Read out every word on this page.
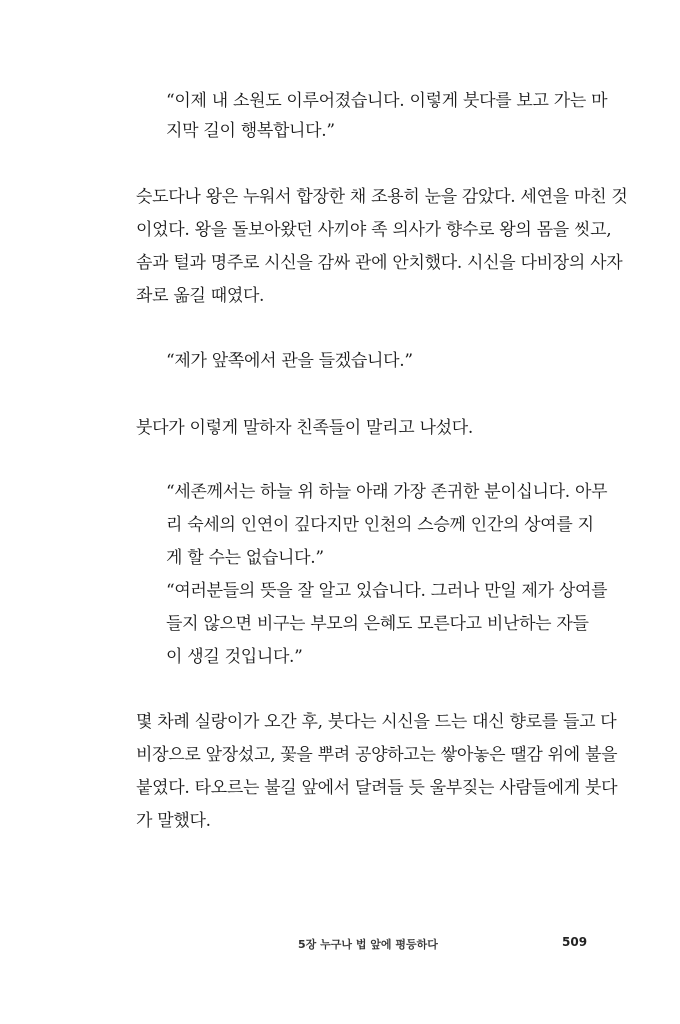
“이제 내 소원도 이루어졌습니다. 이렇게 붓다를 보고 가는 마
지막 길이 행복합니다.”
슷도다나 왕은 누워서 합장한 채 조용히 눈을 감았다. 세연을 마친 것
이었다. 왕을 돌보아왔던 사끼야 족 의사가 향수로 왕의 몸을 씻고,
솜과 털과 명주로 시신을 감싸 관에 안치했다. 시신을 다비장의 사자
좌로 옮길 때였다.
“제가 앞쪽에서 관을 들겠습니다.”
붓다가 이렇게 말하자 친족들이 말리고 나섰다.
“세존께서는 하늘 위 하늘 아래 가장 존귀한 분이십니다. 아무
리 숙세의 인연이 깊다지만 인천의 스승께 인간의 상여를 지
게 할 수는 없습니다.”
“여러분들의 뜻을 잘 알고 있습니다. 그러나 만일 제가 상여를
들지 않으면 비구는 부모의 은혜도 모른다고 비난하는 자들
이 생길 것입니다.”
몇 차례 실랑이가 오간 후, 붓다는 시신을 드는 대신 향로를 들고 다
비장으로 앞장섰고, 꽃을 뿌려 공양하고는 쌓아놓은 땔감 위에 불을
붙였다. 타오르는 불길 앞에서 달려들 듯 울부짖는 사람들에게 붓다
가 말했다.
5장 누구나 법 앞에 평등하다	509
